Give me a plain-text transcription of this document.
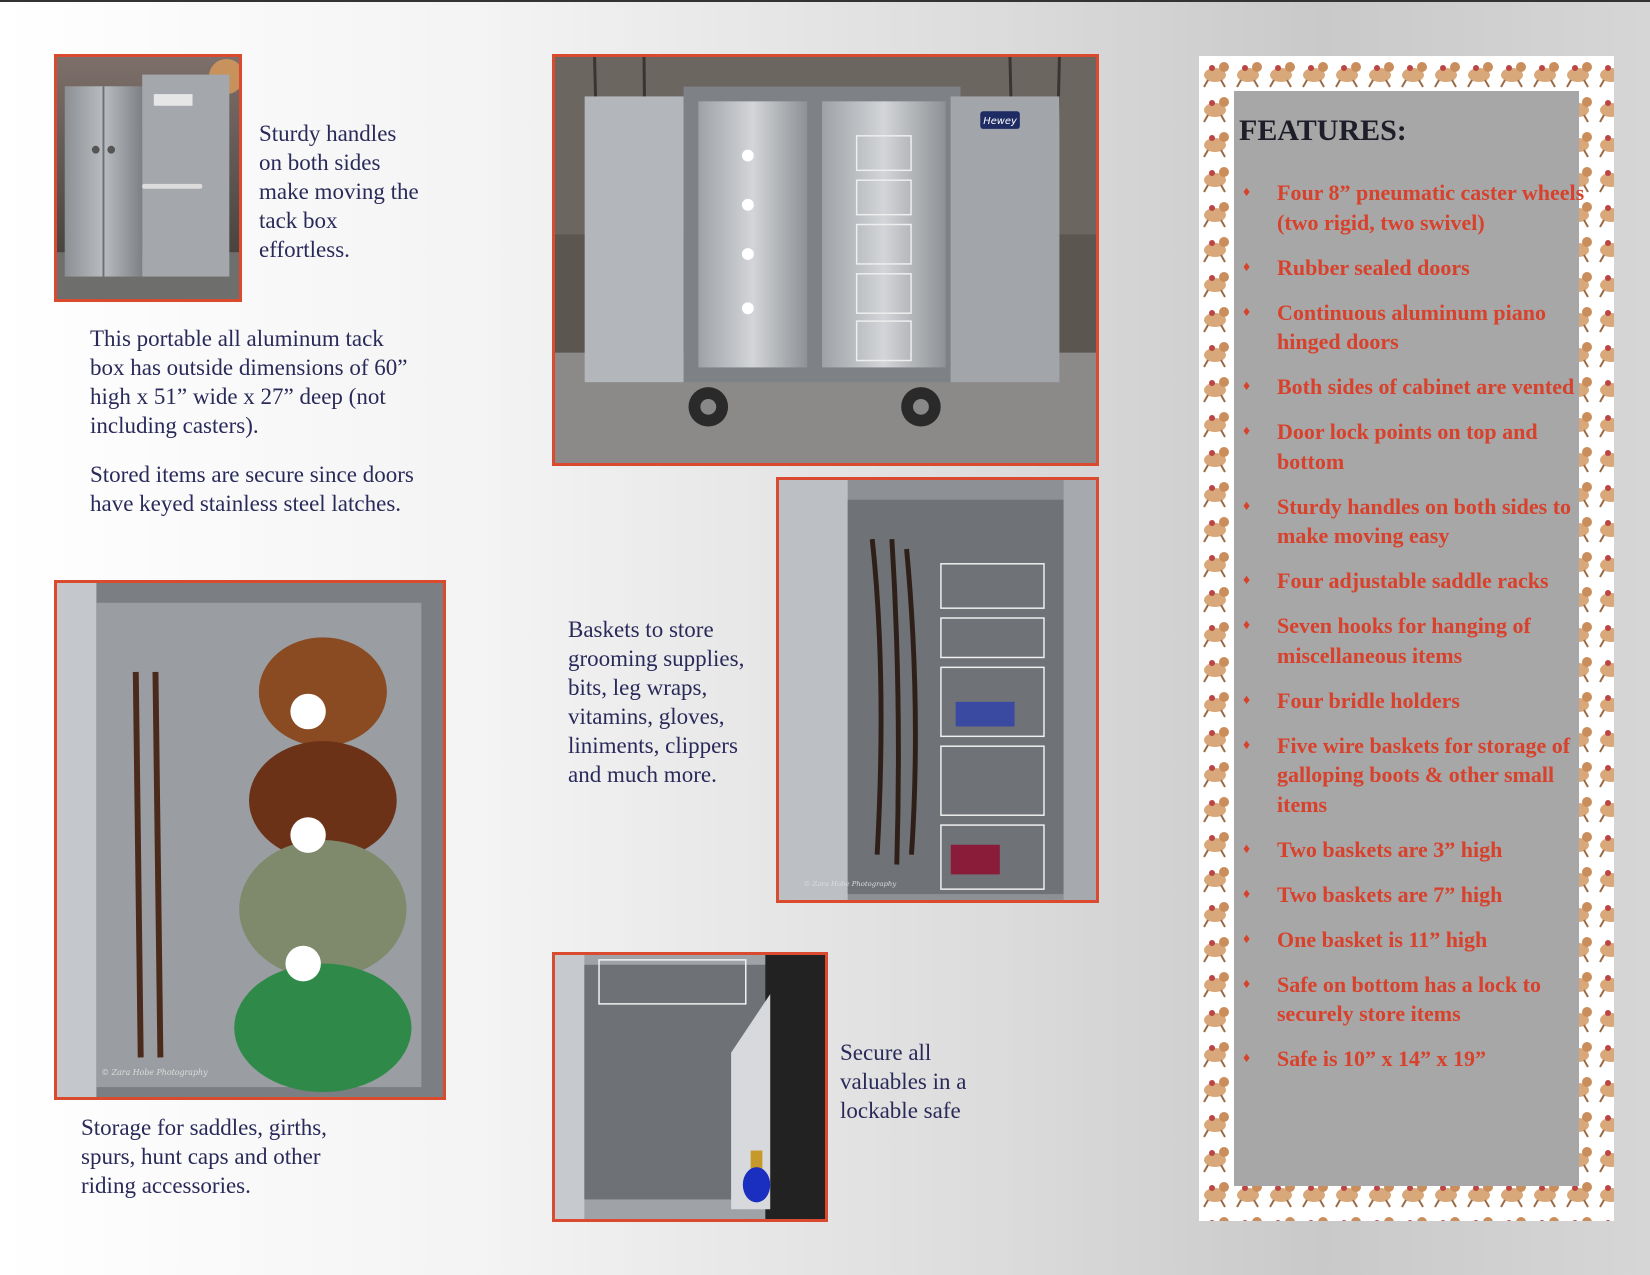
Hewey
© Zara Hobe Photography
© Zara Hobe Photography

Sturdy handles on both sides make moving the tack box effortless.

This portable all aluminum tack box has outside dimensions of 60” high x 51” wide x 27” deep (not including casters).

Stored items are secure since doors have keyed stainless steel latches.

Baskets to store grooming supplies, bits, leg wraps, vitamins, gloves, liniments, clippers and much more.

Storage for saddles, girths, spurs, hunt caps and other riding accessories.

Secure all valuables in a lockable safe

FEATURES:
♦ Four 8” pneumatic caster wheels (two rigid, two swivel)
♦ Rubber sealed doors
♦ Continuous aluminum piano hinged doors
♦ Both sides of cabinet are vented
♦ Door lock points on top and bottom
♦ Sturdy handles on both sides to make moving easy
♦ Four adjustable saddle racks
♦ Seven hooks for hanging of miscellaneous items
♦ Four bridle holders
♦ Five wire baskets for storage of galloping boots & other small items
♦ Two baskets are 3” high
♦ Two baskets are 7” high
♦ One basket is 11” high
♦ Safe on bottom has a lock to securely store items
♦ Safe is 10” x 14” x 19”
